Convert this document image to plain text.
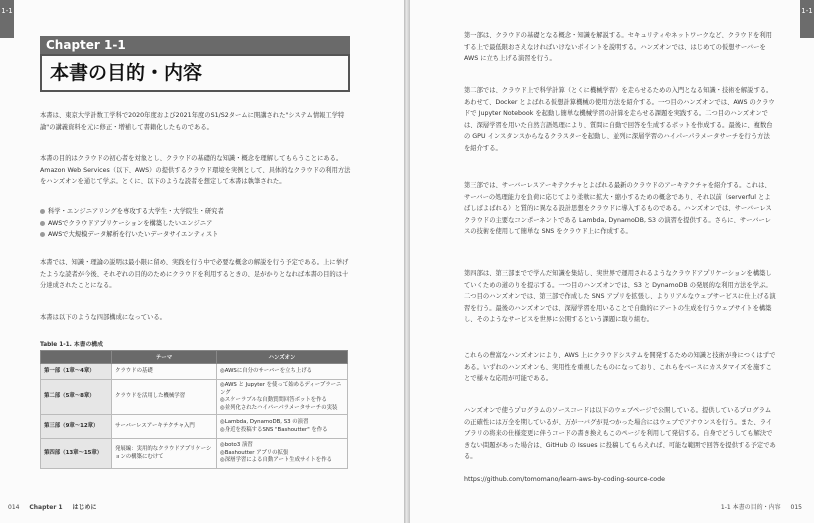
1-1
Chapter 1-1
本書の目的・内容

本書は、東京大学計数工学科で2020年度および2021年度のS1/S2タームに開講された"システム情報工学特論"の講義資料を元に修正・増補して書籍化したものである。

本書の目的はクラウドの初心者を対象とし、クラウドの基礎的な知識・概念を理解してもらうことにある。Amazon Web Services（以下、AWS）の提供するクラウド環境を実例として、具体的なクラウドの利用方法をハンズオンを通じて学ぶ。とくに、以下のような読者を想定して本書は執筆された。

科学・エンジニアリングを専攻する大学生・大学院生・研究者
AWSでクラウドアプリケーションを構築したいエンジニア
AWSで大規模データ解析を行いたいデータサイエンティスト

本書では、知識・理論の説明は最小限に留め、実践を行う中で必要な概念の解説を行う予定である。上に挙げたような読者が今後、それぞれの目的のためにクラウドを利用するときの、足がかりとなれば本書の目的は十分達成されたことになる。

本書は以下のような四部構成になっている。

Table 1-1. 本書の構成
	テーマ	ハンズオン
第一部（1章〜4章）	クラウドの基礎	◎AWSに自分のサーバーを立ち上げる
第二部（5章〜8章）	クラウドを活用した機械学習	◎AWS と Jupyter を使って始めるディープラーニング
◎スケーラブルな自動質問回答ボットを作る
◎並列化されたハイパーパラメータサーチの実装
第三部（9章〜12章）	サーバーレスアーキテクチャ入門	◎Lambda, DynamoDB, S3 の演習
◎身近を投稿するSNS "Bashoutter" を作る
第四部（13章〜15章）	発展編：実用的なクラウドアプリケーションの構築にむけて	◎boto3 演習
◎Bashoutter アプリの拡張
◎深層学習による自動アート生成サイトを作る
014 Chapter 1 はじめに
1-1

第一部は、クラウドの基礎となる概念・知識を解説する。セキュリティやネットワークなど、クラウドを利用する上で最低限おさえなければいけないポイントを説明する。ハンズオンでは、はじめての仮想サーバーを AWS に立ち上げる演習を行う。

第二部では、クラウド上で科学計算（とくに機械学習）を走らせるための入門となる知識・技術を解説する。あわせて、Docker とよばれる仮想計算機械の使用方法を紹介する。一つ目のハンズオンでは、AWS のクラウドで Jupyter Notebook を起動し簡単な機械学習の計算を走らせる課題を実践する。二つ目のハンズオンでは、深層学習を用いた自然言語処理により、質問に自動で回答を生成するボットを作成する。最後に、複数台の GPU インスタンスからなるクラスターを起動し、並列に深層学習のハイパーパラメータサーチを行う方法を紹介する。

第三部では、サーバーレスアーキテクチャとよばれる最新のクラウドのアーキテクチャを紹介する。これは、サーバーの処理能力を負荷に応じてより柔軟に拡大・縮小するための概念であり、それ以前（serverful とよばしばよばれる）と質的に異なる設計思想をクラウドに導入するものである。ハンズオンでは、サーバーレスクラウドの主要なコンポーネントである Lambda, DynamoDB, S3 の演習を提供する。さらに、サーバーレスの技術を使用して簡単な SNS をクラウド上に作成する。

第四部は、第三部までで学んだ知識を集結し、実世界で運用されるようなクラウドアプリケーションを構築していくための道のりを提示する。一つ目のハンズオンでは、S3 と DynamoDB の発展的な利用方法を学ぶ。二つ目のハンズオンでは、第三部で作成した SNS アプリを拡張し、よりリアルなウェブサービスに仕上げる演習を行う。最後のハンズオンでは、深層学習を用いることで自動的にアートの生成を行うウェブサイトを構築し、そのようなサービスを世界に公開するという課題に取り組む。

これらの豊富なハンズオンにより、AWS 上にクラウドシステムを開発するための知識と技術が身につくはずである。いずれのハンズオンも、実用性を重視したものになっており、これらをベースにカスタマイズを施すことで様々な応用が可能である。

ハンズオンで使うプログラムのソースコードは以下のウェブページで公開している。提供しているプログラムの正確性には万全を期しているが、万が一バグが見つかった場合にはウェブでアナウンスを行う。また、ライブラリの将来の仕様変更に伴うコードの書き換えもこのページを利用して発信する。自身でどうしても解決できない問題があった場合は、GitHub の Issues に投稿してもらえれば、可能な範囲で回答を提供する予定である。

https://github.com/tomomano/learn-aws-by-coding-source-code

1-1 本書の目的・内容 015
